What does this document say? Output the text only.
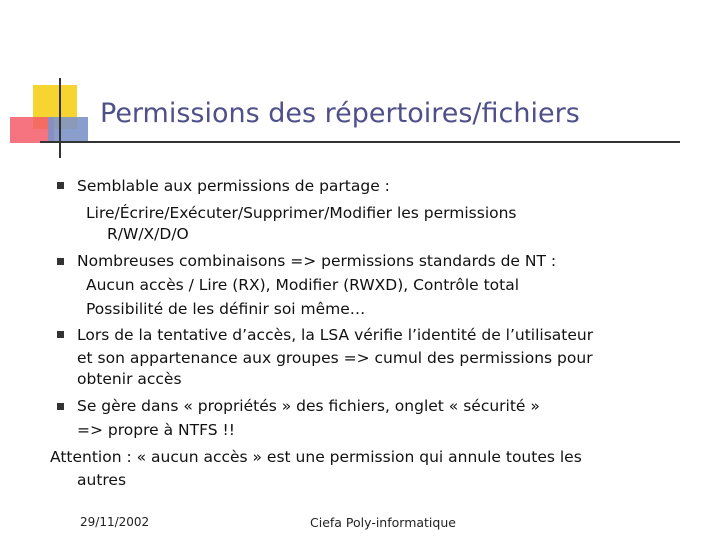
Permissions des répertoires/fichiers

Semblable aux permissions de partage :

Lire/Écrire/Exécuter/Supprimer/Modifier les permissions

R/W/X/D/O

Nombreuses combinaisons => permissions standards de NT :

Aucun accès / Lire (RX), Modifier (RWXD), Contrôle total

Possibilité de les définir soi même…

Lors de la tentative d’accès, la LSA vérifie l’identité de l’utilisateur

et son appartenance aux groupes => cumul des permissions pour

obtenir accès

Se gère dans « propriétés » des fichiers, onglet « sécurité »

=> propre à NTFS !!

Attention : « aucun accès » est une permission qui annule toutes les

autres

29/11/2002	Ciefa Poly-informatique
